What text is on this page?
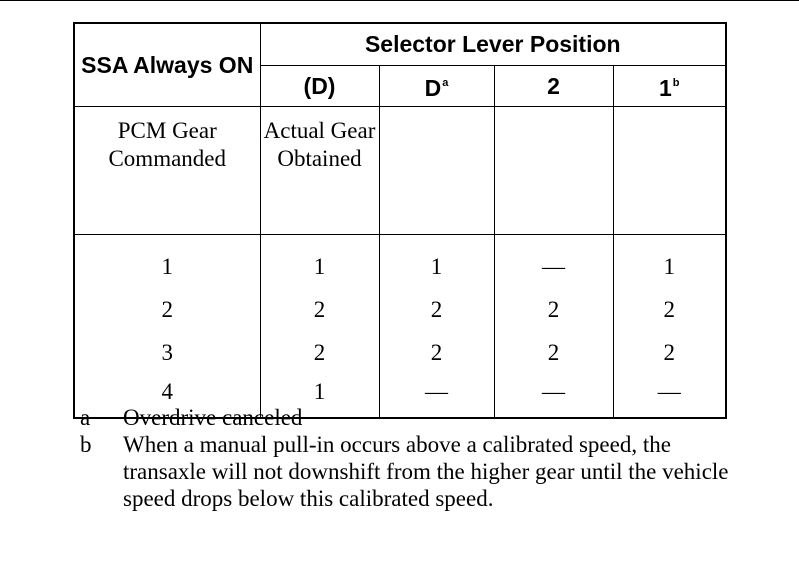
SSA Always ON	Selector Lever Position			
	(D)	$D^a$	2	1$^b$
PCM Gear Commanded	Actual Gear Obtained			
1	1	1	—	1
2	2	2	2	2
3	2	2	2	2
4	1	—	—	—
a	Overdrive canceled
b	When a manual pull-in occurs above a calibrated speed, the transaxle will not downshift from the higher gear until the vehicle speed drops below this calibrated speed.
